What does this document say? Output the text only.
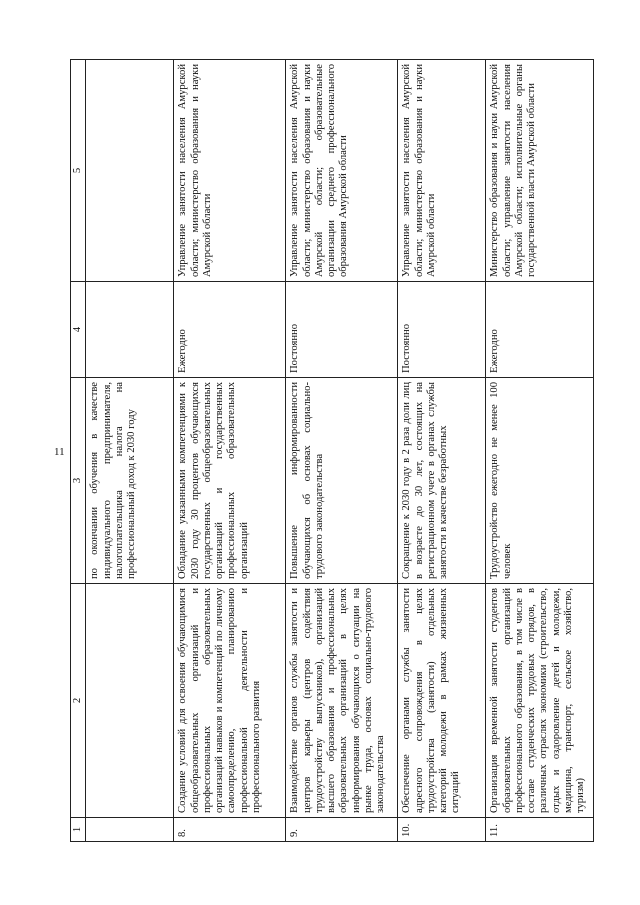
11
1	2	3	4	5
		по окончании обучения в качестве индивидуального предпринимателя, налогоплательщика налога на профессиональный доход к 2030 году		
8.	Создание условий для освоения обучающимися общеобразовательных организаций и профессиональных образовательных организаций навыков и компетенций по личному самоопределению, планированию профессиональной деятельности и профессионального развития	Обладание указанными компетенциями к 2030 году 30 процентов обучающихся государственных общеобразовательных организаций и государственных профессиональных образовательных организаций	Ежегодно	Управление занятости населения Амурской области; министерство образования и науки Амурской области
9.	Взаимодействие органов службы занятости и центров карьеры (центров содействия трудоустройству выпускников), организаций высшего образования и профессиональных образовательных организаций в целях информирования обучающихся о ситуации на рынке труда, основах социально-трудового законодательства	Повышение информированности обучающихся об основах социально-трудового законодательства	Постоянно	Управление занятости населения Амурской области; министерство образования и науки Амурской области; образовательные организации среднего профессионального образования Амурской области
10.	Обеспечение органами службы занятости адресного сопровождения в целях трудоустройства (занятости) отдельных категорий молодежи в рамках жизненных ситуаций	Сокращение к 2030 году в 2 раза доли лиц в возрасте до 30 лет, состоящих на регистрационном учете в органах службы занятости в качестве безработных	Постоянно	Управление занятости населения Амурской области; министерство образования и науки Амурской области
11.	Организация временной занятости студентов образовательных организаций профессионального образования, в том числе в составе студенческих трудовых отрядов, в различных отраслях экономики (строительство, отдых и оздоровление детей и молодежи, медицина, транспорт, сельское хозяйство, туризм)	Трудоустройство ежегодно не менее 100 человек	Ежегодно	Министерство образования и науки Амурской области; управление занятости населения Амурской области; исполнительные органы государственной власти Амурской области
